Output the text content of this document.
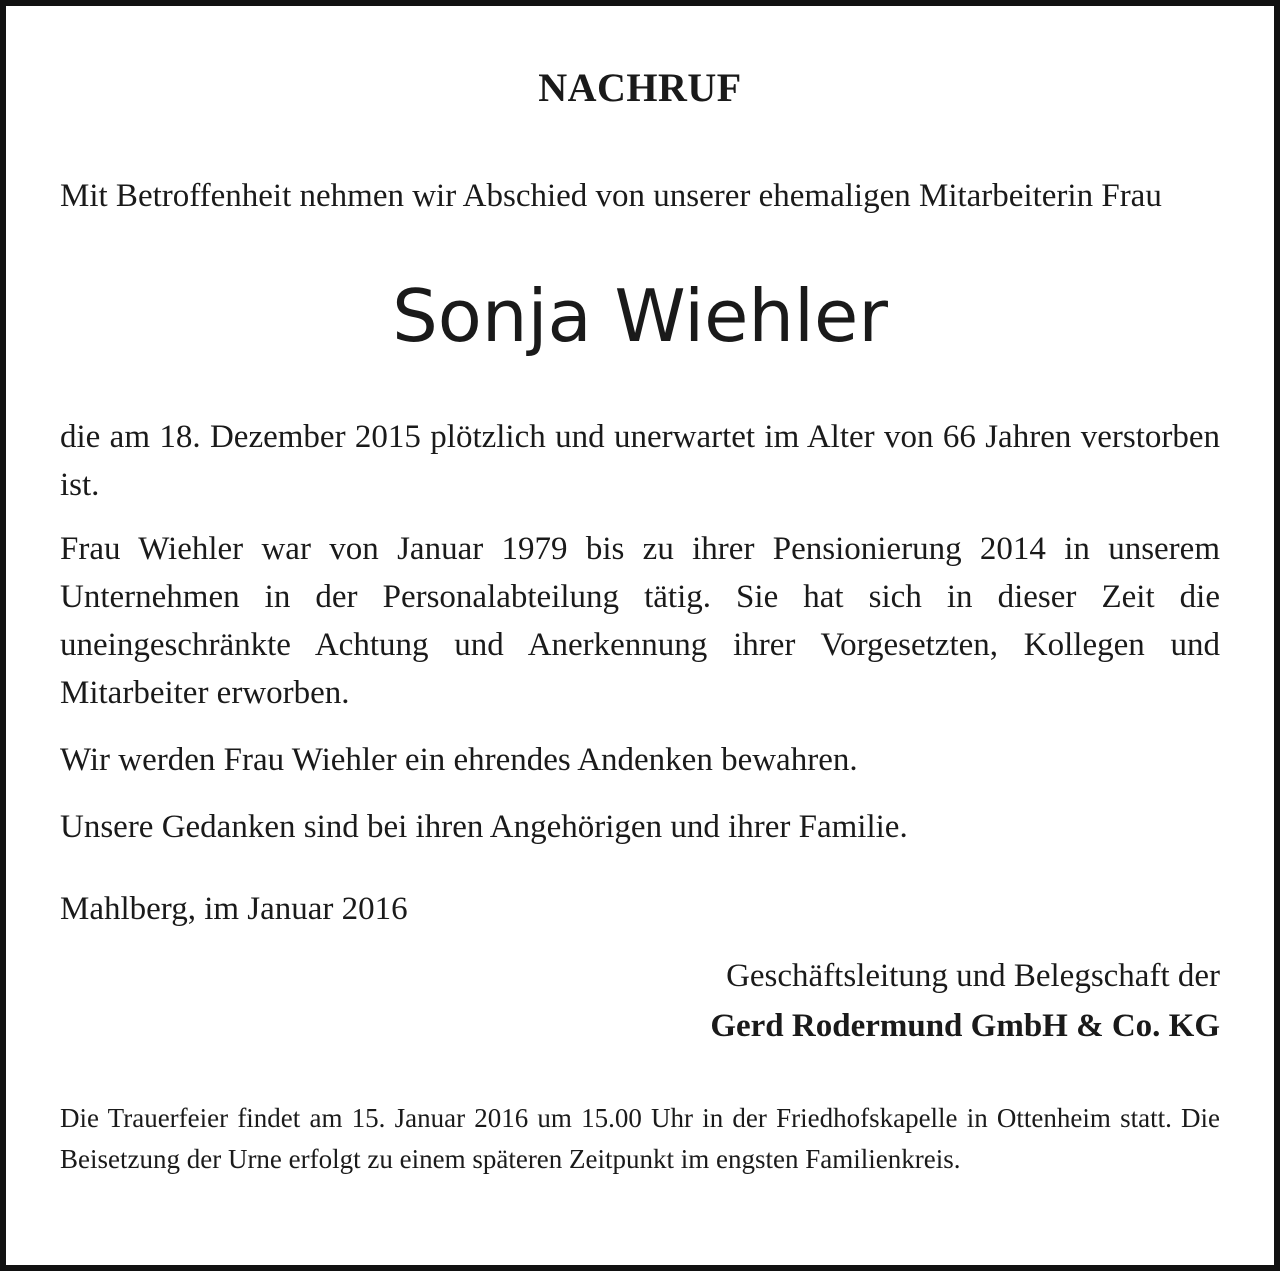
NACHRUF

Mit Betroffenheit nehmen wir Abschied von unserer ehemaligen Mitarbeiterin Frau

Sonja Wiehler

die am 18. Dezember 2015 plötzlich und unerwartet im Alter von 66 Jahren verstorben ist.

Frau Wiehler war von Januar 1979 bis zu ihrer Pensionierung 2014 in unserem Unternehmen in der Personalabteilung tätig. Sie hat sich in dieser Zeit die uneingeschränkte Achtung und Anerkennung ihrer Vorgesetzten, Kollegen und Mitarbeiter erworben.

Wir werden Frau Wiehler ein ehrendes Andenken bewahren.

Unsere Gedanken sind bei ihren Angehörigen und ihrer Familie.

Mahlberg, im Januar 2016

Geschäftsleitung und Belegschaft der
Gerd Rodermund GmbH & Co. KG

Die Trauerfeier findet am 15. Januar 2016 um 15.00 Uhr in der Friedhofskapelle in Ottenheim statt. Die Beisetzung der Urne erfolgt zu einem späteren Zeitpunkt im engsten Familienkreis.
